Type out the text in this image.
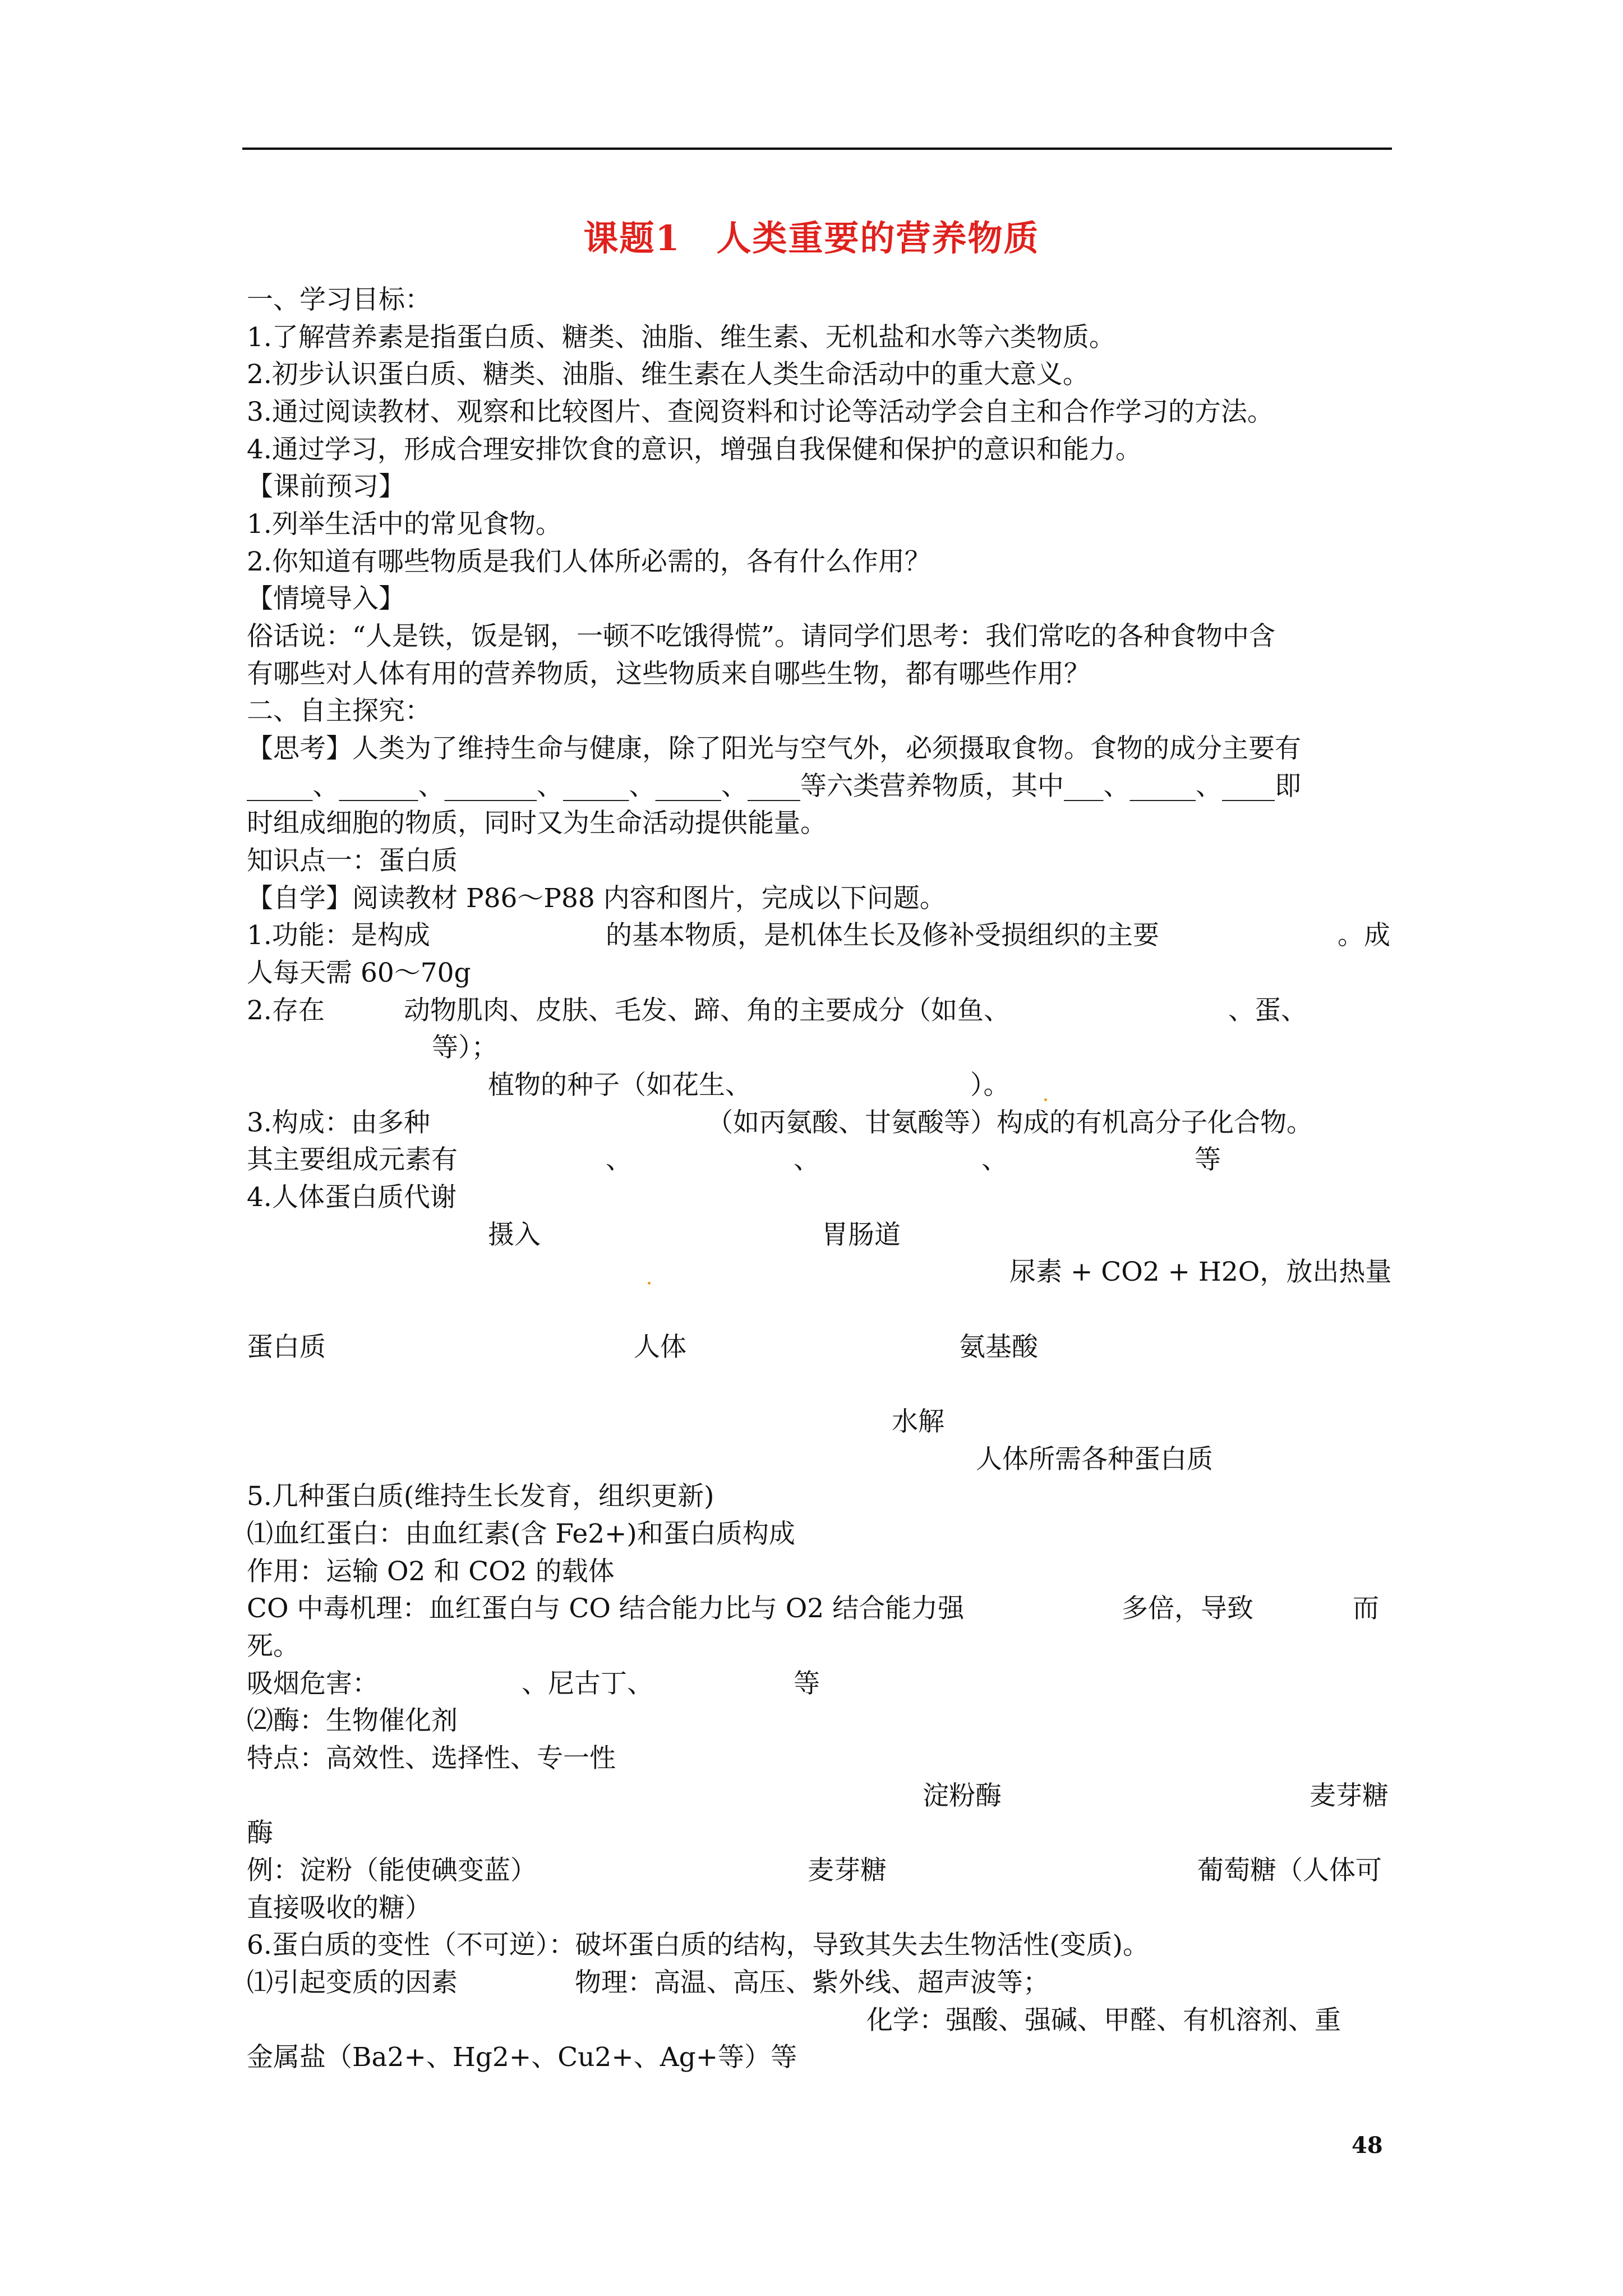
课题1　人类重要的营养物质
一、学习目标：
1.了解营养素是指蛋白质、糖类、油脂、维生素、无机盐和水等六类物质。
2.初步认识蛋白质、糖类、油脂、维生素在人类生命活动中的重大意义。
3.通过阅读教材、观察和比较图片、查阅资料和讨论等活动学会自主和合作学习的方法。
4.通过学习，形成合理安排饮食的意识，增强自我保健和保护的意识和能力。
【课前预习】
1.列举生活中的常见食物。
2.你知道有哪些物质是我们人体所必需的，各有什么作用？
【情境导入】
俗话说：“人是铁，饭是钢，一顿不吃饿得慌”。请同学们思考：我们常吃的各种食物中含
有哪些对人体有用的营养物质，这些物质来自哪些生物，都有哪些作用？
二、自主探究：
【思考】人类为了维持生命与健康，除了阳光与空气外，必须摄取食物。食物的成分主要有
_____、______、_______、_____、_____、____等六类营养物质，其中___、_____、____即
时组成细胞的物质，同时又为生命活动提供能量。
知识点一：蛋白质
【自学】阅读教材 P86～P88 内容和图片，完成以下问题。
1.功能：是构成	的基本物质，是机体生长及修补受损组织的主要	。成
人每天需 60～70g
2.存在	动物肌肉、皮肤、毛发、蹄、角的主要成分（如鱼、	、蛋、
等）；
植物的种子（如花生、	）。
3.构成：由多种	（如丙氨酸、甘氨酸等）构成的有机高分子化合物。
其主要组成元素有	、	、	、	等
4.人体蛋白质代谢
摄入	胃肠道
尿素 + CO2 + H2O，放出热量
蛋白质	人体	氨基酸
水解
人体所需各种蛋白质
5.几种蛋白质(维持生长发育，组织更新)
⑴血红蛋白：由血红素(含 Fe2+)和蛋白质构成
作用：运输 O2 和 CO2 的载体
CO 中毒机理：血红蛋白与 CO 结合能力比与 O2 结合能力强	多倍，导致	而
死。
吸烟危害：	、尼古丁、	等
⑵酶：生物催化剂
特点：高效性、选择性、专一性
淀粉酶	麦芽糖
酶
例：淀粉（能使碘变蓝）	麦芽糖	葡萄糖（人体可
直接吸收的糖）
6.蛋白质的变性（不可逆）：破坏蛋白质的结构，导致其失去生物活性(变质)。
⑴引起变质的因素	物理：高温、高压、紫外线、超声波等；
化学：强酸、强碱、甲醛、有机溶剂、重
金属盐（Ba2+、Hg2+、Cu2+、Ag+等）等
48
